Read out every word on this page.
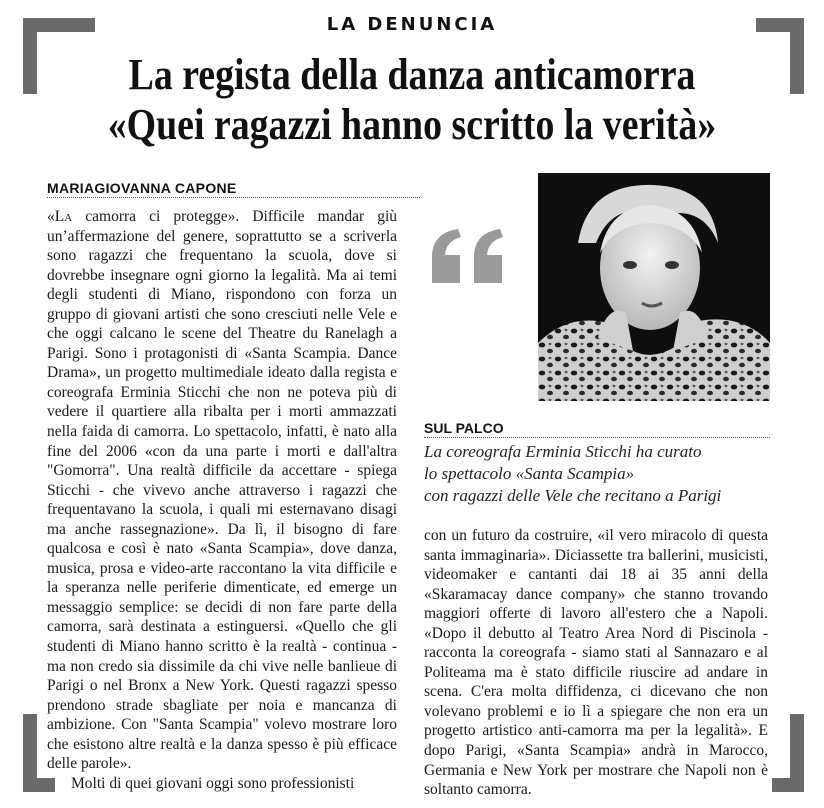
LA DENUNCIA
La regista della danza anticamorra
«Quei ragazzi hanno scritto la verità»
MARIAGIOVANNA CAPONE

«La camorra ci protegge». Difficile mandar giù un’affermazione del genere, soprattutto se a scriverla sono ragazzi che frequentano la scuola, dove si dovrebbe insegnare ogni giorno la legalità. Ma ai temi degli studenti di Miano, rispondono con forza un gruppo di giovani artisti che sono cresciuti nelle Vele e che oggi calcano le scene del Theatre du Ranelagh a Parigi. Sono i protagonisti di «Santa Scampia. Dance Drama», un progetto multimediale ideato dalla regista e coreografa Erminia Sticchi che non ne poteva più di vedere il quartiere alla ribalta per i morti ammazzati nella faida di camorra. Lo spettacolo, infatti, è nato alla fine del 2006 «con da una parte i morti e dall'altra "Gomorra". Una realtà difficile da accettare - spiega Sticchi - che vivevo anche attraverso i ragazzi che frequentavano la scuola, i quali mi esternavano disagi ma anche rassegnazione». Da lì, il bisogno di fare qualcosa e così è nato «Santa Scampia», dove danza, musica, prosa e video-arte raccontano la vita difficile e la speranza nelle periferie dimenticate, ed emerge un messaggio semplice: se decidi di non fare parte della camorra, sarà destinata a estinguersi. «Quello che gli studenti di Miano hanno scritto è la realtà - continua - ma non credo sia dissimile da chi vive nelle banlieue di Parigi o nel Bronx a New York. Questi ragazzi spesso prendono strade sbagliate per noia e mancanza di ambizione. Con "Santa Scampia" volevo mostrare loro che esistono altre realtà e la danza spesso è più efficace delle parole».

Molti di quei giovani oggi sono professionisti

SUL PALCO
La coreografa Erminia Sticchi ha curato
lo spettacolo «Santa Scampia»
con ragazzi delle Vele che recitano a Parigi

con un futuro da costruire, «il vero miracolo di questa santa immaginaria». Diciassette tra ballerini, musicisti, videomaker e cantanti dai 18 ai 35 anni della «Skaramacay dance company» che stanno trovando maggiori offerte di lavoro all'estero che a Napoli. «Dopo il debutto al Teatro Area Nord di Piscinola - racconta la coreografa - siamo stati al Sannazaro e al Politeama ma è stato difficile riuscire ad andare in scena. C'era molta diffidenza, ci dicevano che non volevano problemi e io lì a spiegare che non era un progetto artistico anti-camorra ma per la legalità». E dopo Parigi, «Santa Scampia» andrà in Marocco, Germania e New York per mostrare che Napoli non è soltanto camorra.
